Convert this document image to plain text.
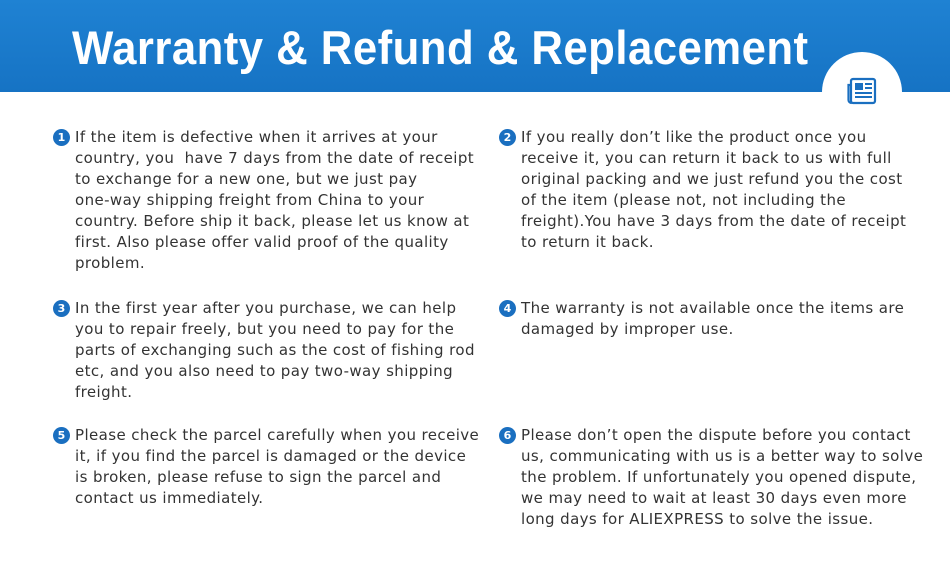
Warranty & Refund & Replacement
1 If the item is defective when it arrives at your
country, you  have 7 days from the date of receipt
to exchange for a new one, but we just pay
one-way shipping freight from China to your
country. Before ship it back, please let us know at
first. Also please offer valid proof of the quality
problem.
2 If you really don’t like the product once you
receive it, you can return it back to us with full
original packing and we just refund you the cost
of the item (please not, not including the
freight).You have 3 days from the date of receipt
to return it back.
3 In the first year after you purchase, we can help
you to repair freely, but you need to pay for the
parts of exchanging such as the cost of fishing rod
etc, and you also need to pay two-way shipping
freight.
4 The warranty is not available once the items are
damaged by improper use.
5 Please check the parcel carefully when you receive
it, if you find the parcel is damaged or the device
is broken, please refuse to sign the parcel and
contact us immediately.
6 Please don’t open the dispute before you contact
us, communicating with us is a better way to solve
the problem. If unfortunately you opened dispute,
we may need to wait at least 30 days even more
long days for ALIEXPRESS to solve the issue.
